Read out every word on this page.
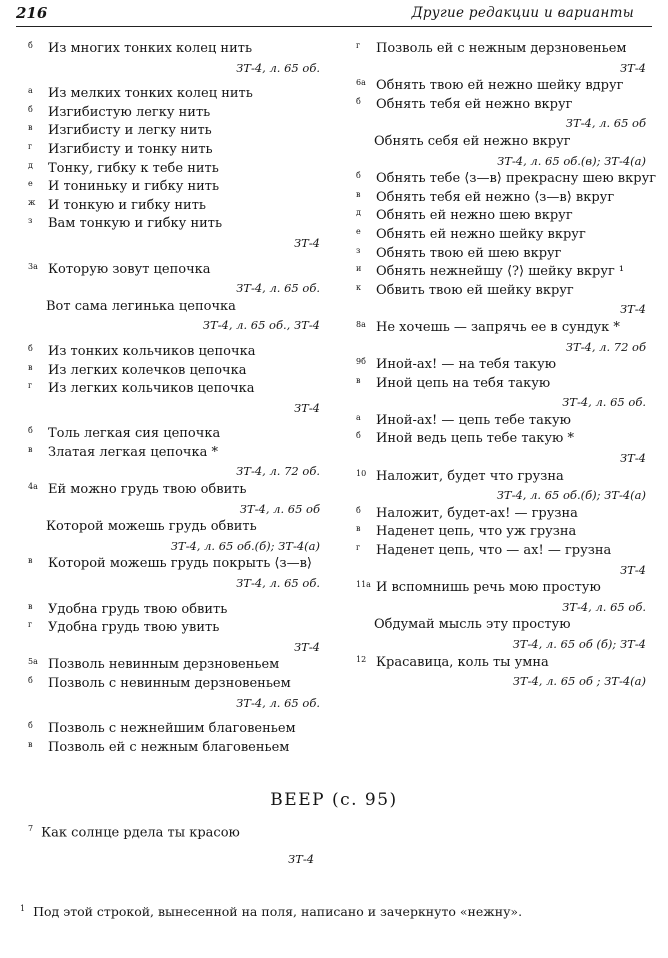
216	Другие редакции и варианты
б	Из многих тонких колец нить
ЗТ-4, л. 65 об.
а	Из мелких тонких колец нить
б	Изгибистую легку нить
в	Изгибисту и легку нить
г	Изгибисту и тонку нить
д	Тонку, гибку к тебе нить
е	И тониньку и гибку нить
ж И тонкую и гибку нить
з	Вам тонкую и гибку нить
ЗТ-4
3а Которую зовут цепочка
ЗТ-4, л. 65 об.
Вот сама легинька цепочка
ЗТ-4, л. 65 об., ЗТ-4
б	Из тонких кольчиков цепочка
в	Из легких колечков цепочка
г	Из легких кольчиков цепочка
ЗТ-4
б	Толь легкая сия цепочка
в	Златая легкая цепочка *
ЗТ-4, л. 72 об.
4а Ей можно грудь твою обвить
ЗТ-4, л. 65 об
Которой можешь грудь обвить
ЗТ-4, л. 65 об.(б); ЗТ-4(а)
в	Которой можешь грудь покрыть ⟨з—в⟩
ЗТ-4, л. 65 об.
в	Удобна грудь твою обвить
г	Удобна грудь твою увить
ЗТ-4
5а Позволь невинным дерзновеньем
б	Позволь с невинным дерзновеньем
ЗТ-4, л. 65 об.
б	Позволь с нежнейшим благовеньем
в	Позволь ей с нежным благовеньем
г	Позволь ей с нежным дерзновеньем
ЗТ-4
6а Обнять твою ей нежно шейку вдруг
б	Обнять тебя ей нежно вкруг
ЗТ-4, л. 65 об
Обнять себя ей нежно вкруг
ЗТ-4, л. 65 об.(в); ЗТ-4(а)
б	Обнять тебе ⟨з—в⟩ прекрасну шею вкруг
в	Обнять тебя ей нежно ⟨з—в⟩ вкруг
д	Обнять ей нежно шею вкруг
е	Обнять ей нежно шейку вкруг
з	Обнять твою ей шею вкруг
и	Обнять нежнейшу ⟨?⟩ шейку вкруг ¹
к	Обвить твою ей шейку вкруг
ЗТ-4
8а Не хочешь — запрячь ее в сундук *
ЗТ-4, л. 72 об
9б Иной-ах! — на тебя такую
в	Иной цепь на тебя такую
ЗТ-4, л. 65 об.
а	Иной-ах! — цепь тебе такую
б	Иной ведь цепь тебе такую *
ЗТ-4
10 Наложит, будет что грузна
ЗТ-4, л. 65 об.(б); ЗТ-4(а)
б	Наложит, будет-ах! — грузна
в	Наденет цепь, что уж грузна
г	Наденет цепь, что — ах! — грузна
ЗТ-4
11а И вспомнишь речь мою простую
ЗТ-4, л. 65 об.
Обдумай мысль эту простую
ЗТ-4, л. 65 об (б); ЗТ-4
12 Красавица, коль ты умна
ЗТ-4, л. 65 об ; ЗТ-4(а)
ВЕЕР (с. 95)
$^7$ Как солнце рдела ты красою
ЗТ-4
$^1$ Под этой строкой, вынесенной на поля, написано и зачеркнуто «нежну».
